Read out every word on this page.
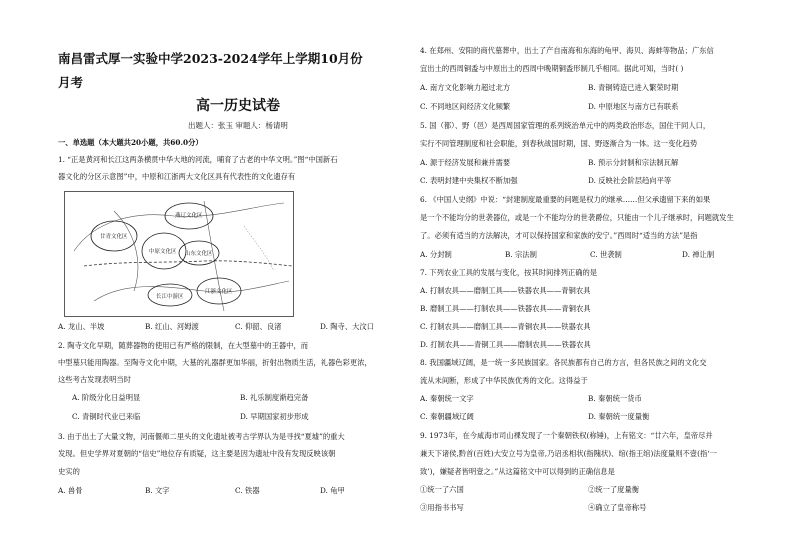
南昌雷式厚一实验中学2023-2024学年上学期10月份
月考
高一历史试卷
出题人：张玉 审题人：杨请明
一、单选题（本大题共20小题，共60.0分）
1. “正是黄河和长江这两条横贯中华大地的河流，哺育了古老的中华文明。”图“中国新石
器文化的分区示意图”中，中原和江浙两大文化区具有代表性的文化遗存有
燕辽文化区
甘青文化区
中原文化区 山东文化区
长江中游区
江浙文化区
A. 龙山、半坡	B. 红山、河姆渡	C. 仰韶、良渚	D. 陶寺、大汶口
2. 陶寺文化早期，随葬器物的使用已有严格的限制，在大型墓中的王器中，而
中型墓只能用陶器。至陶寺文化中期，大墓的礼器群更加华丽，折射出物质生活，礼器色彩更浓，
这些考古发现表明当时
A. 阶级分化日益明显	B. 礼乐制度渐趋完备
C. 青铜时代业已来临	D. 早期国家初步形成
3. 由于出土了大量文物，河南偃师二里头的文化遗址被考古学界认为是寻找“夏墟”的重大
发现。但史学界对夏朝的“信史”地位存有质疑，这主要是因为遗址中没有发现反映该朝
史实的
A. 兽骨	B. 文字	C. 铁器	D. 龟甲
4. 在郑州、安阳的商代墓葬中，出土了产自南海和东海的龟甲、海贝、海蚌等物品；广东信
宜出土的西周铜盉与中原出土的西周中晚期铜盉形制几乎相同。据此可知，当时( )
A. 南方文化影响力超过北方	B. 青铜铸造已进入繁荣时期
C. 不同地区间经济文化频繁	D. 中原地区与南方已有联系
5. 国（都）、野（邑）是西周国家管理的系列统治单元中的两类政治形态，国住干同人口，
实行不同管理制度和社会职能，到春秋战国时期，国、野逐渐合为一体。这一变化趋势
A. 源于经济发展和兼并需要	B. 预示分封制和宗法制瓦解
C. 表明封建中央集权不断加强	D. 反映社会阶层趋向平等
6. 《中国人史纲》中说：“封建制度最重要的问题是权力的继承……但父承遗留下来的如果
是一个不能均分的世袭器位，或是一个不能均分的世袭爵位，只能由一个儿子继承时，问题就发生
了。必须有适当的方法解决，才可以保持国家和家族的安宁。”西周时“适当的方法”是指
A. 分封制	B. 宗法制	C. 世袭制	D. 禅让制
7. 下列农业工具的发展与变化，按其时间排列正确的是
A. 打制农具——磨制工具——铁器农具——青铜农具
B. 磨制工具——打制农具——铁器农具——青铜农具
C. 打制农具——磨制工具——青铜农具——铁器农具
D. 打制农具——青铜工具——磨制农具——铁器农具
8. 我国疆域辽阔，是一统一多民族国家。各民族都有自己的方言，但各民族之间的文化交
流从未间断，形成了中华民族优秀的文化。这得益于
A. 秦朝统一文字	B. 秦朝统一货币
C. 秦朝疆域辽阔	D. 秦朝统一度量衡
9. 1973年，在今咸海市司山裸发现了一个秦朝铁权(称锤)，上有铭文：“廿六年，皇帝尽并
兼天下诸侯,黔首(百姓)大安立号为皇帝,乃诏丞相状(指隗状)、绾(指王绾)法度量则不壹(指‘一
致’)，嫌疑者皆明壹之。”从这篇铭文中可以得到的正确信息是
①统一了六国	②统一了度量衡
③用指书书写	④确立了皇帝称号
